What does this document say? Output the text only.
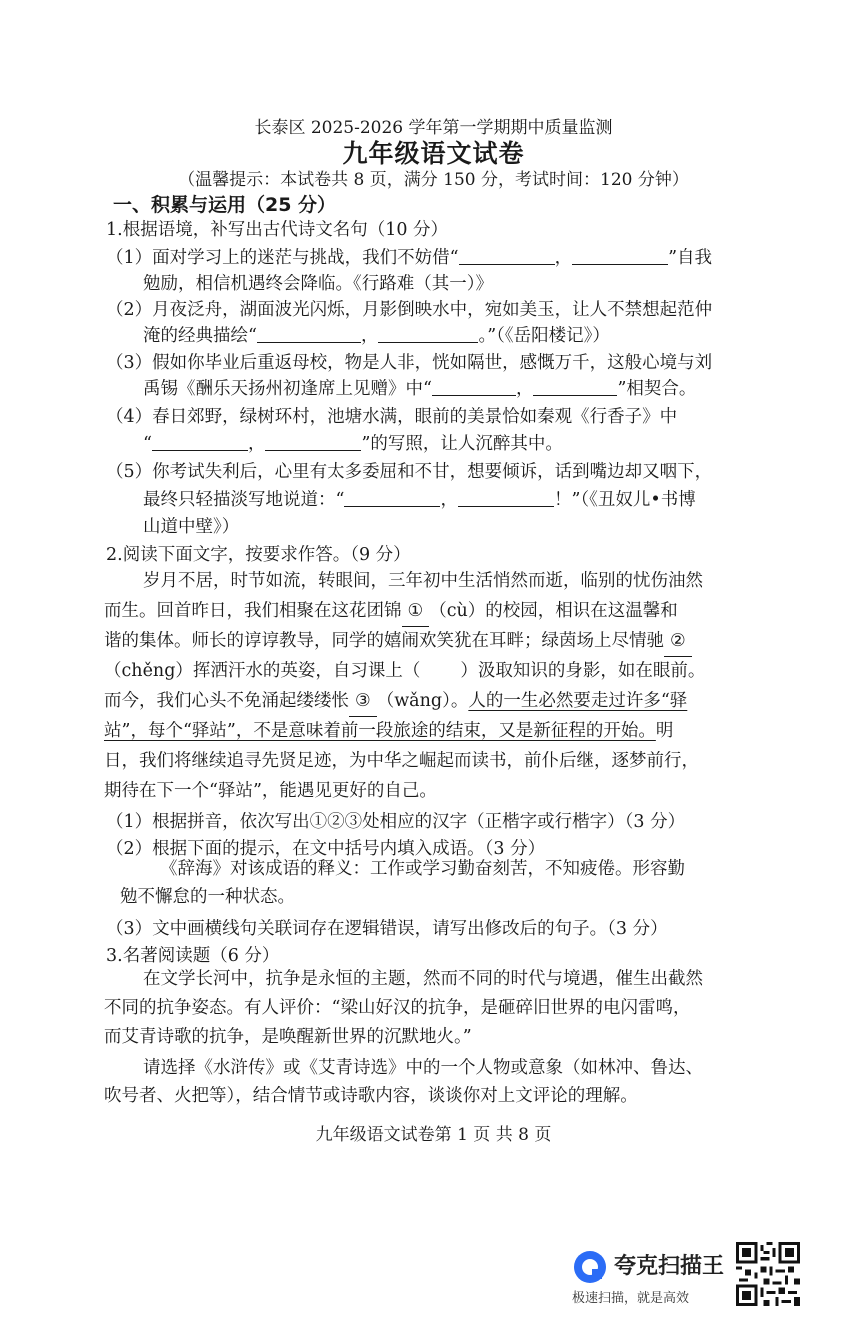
长泰区 2025-2026 学年第一学期期中质量监测
九年级语文试卷
（温馨提示：本试卷共 8 页，满分 150 分，考试时间：120 分钟）
一、积累与运用（25 分）
1.根据语境，补写出古代诗文名句（10 分）
（1）面对学习上的迷茫与挑战，我们不妨借“	，	”自我
勉励，相信机遇终会降临。《行路难（其一）》
（2）月夜泛舟，湖面波光闪烁，月影倒映水中，宛如美玉，让人不禁想起范仲
淹的经典描绘“	，	。”（《岳阳楼记》）
（3）假如你毕业后重返母校，物是人非，恍如隔世，感慨万千，这般心境与刘
禹锡《酬乐天扬州初逢席上见赠》中“	，	”相契合。
（4）春日郊野，绿树环村，池塘水满，眼前的美景恰如秦观《行香子》中
“	，	”的写照，让人沉醉其中。
（5）你考试失利后，心里有太多委屈和不甘，想要倾诉，话到嘴边却又咽下，
最终只轻描淡写地说道：“	，	！”（《丑奴儿•书博
山道中壁》）
2.阅读下面文字，按要求作答。（9 分）
岁月不居，时节如流，转眼间，三年初中生活悄然而逝，临别的忧伤油然
而生。回首昨日，我们相聚在这花团锦 ① （cù）的校园，相识在这温馨和
谐的集体。师长的谆谆教导，同学的嬉闹欢笑犹在耳畔；绿茵场上尽情驰 ②
（chěng）挥洒汗水的英姿，自习课上（ ）汲取知识的身影，如在眼前。
而今，我们心头不免涌起缕缕怅 ③ （wǎng）。人的一生必然要走过许多“驿
站”，每个“驿站”，不是意味着前一段旅途的结束，又是新征程的开始。明
日，我们将继续追寻先贤足迹，为中华之崛起而读书，前仆后继，逐梦前行，
期待在下一个“驿站”，能遇见更好的自己。
（1）根据拼音，依次写出①②③处相应的汉字（正楷字或行楷字）（3 分）
（2）根据下面的提示，在文中括号内填入成语。（3 分）
《辞海》对该成语的释义：工作或学习勤奋刻苦，不知疲倦。形容勤
勉不懈怠的一种状态。
（3）文中画横线句关联词存在逻辑错误，请写出修改后的句子。（3 分）
3.名著阅读题（6 分）
在文学长河中，抗争是永恒的主题，然而不同的时代与境遇，催生出截然
不同的抗争姿态。有人评价：“梁山好汉的抗争，是砸碎旧世界的电闪雷鸣，
而艾青诗歌的抗争，是唤醒新世界的沉默地火。”
请选择《水浒传》或《艾青诗选》中的一个人物或意象（如林冲、鲁达、
吹号者、火把等），结合情节或诗歌内容，谈谈你对上文评论的理解。
九年级语文试卷第 1 页 共 8 页
夸克扫描王
极速扫描，就是高效
